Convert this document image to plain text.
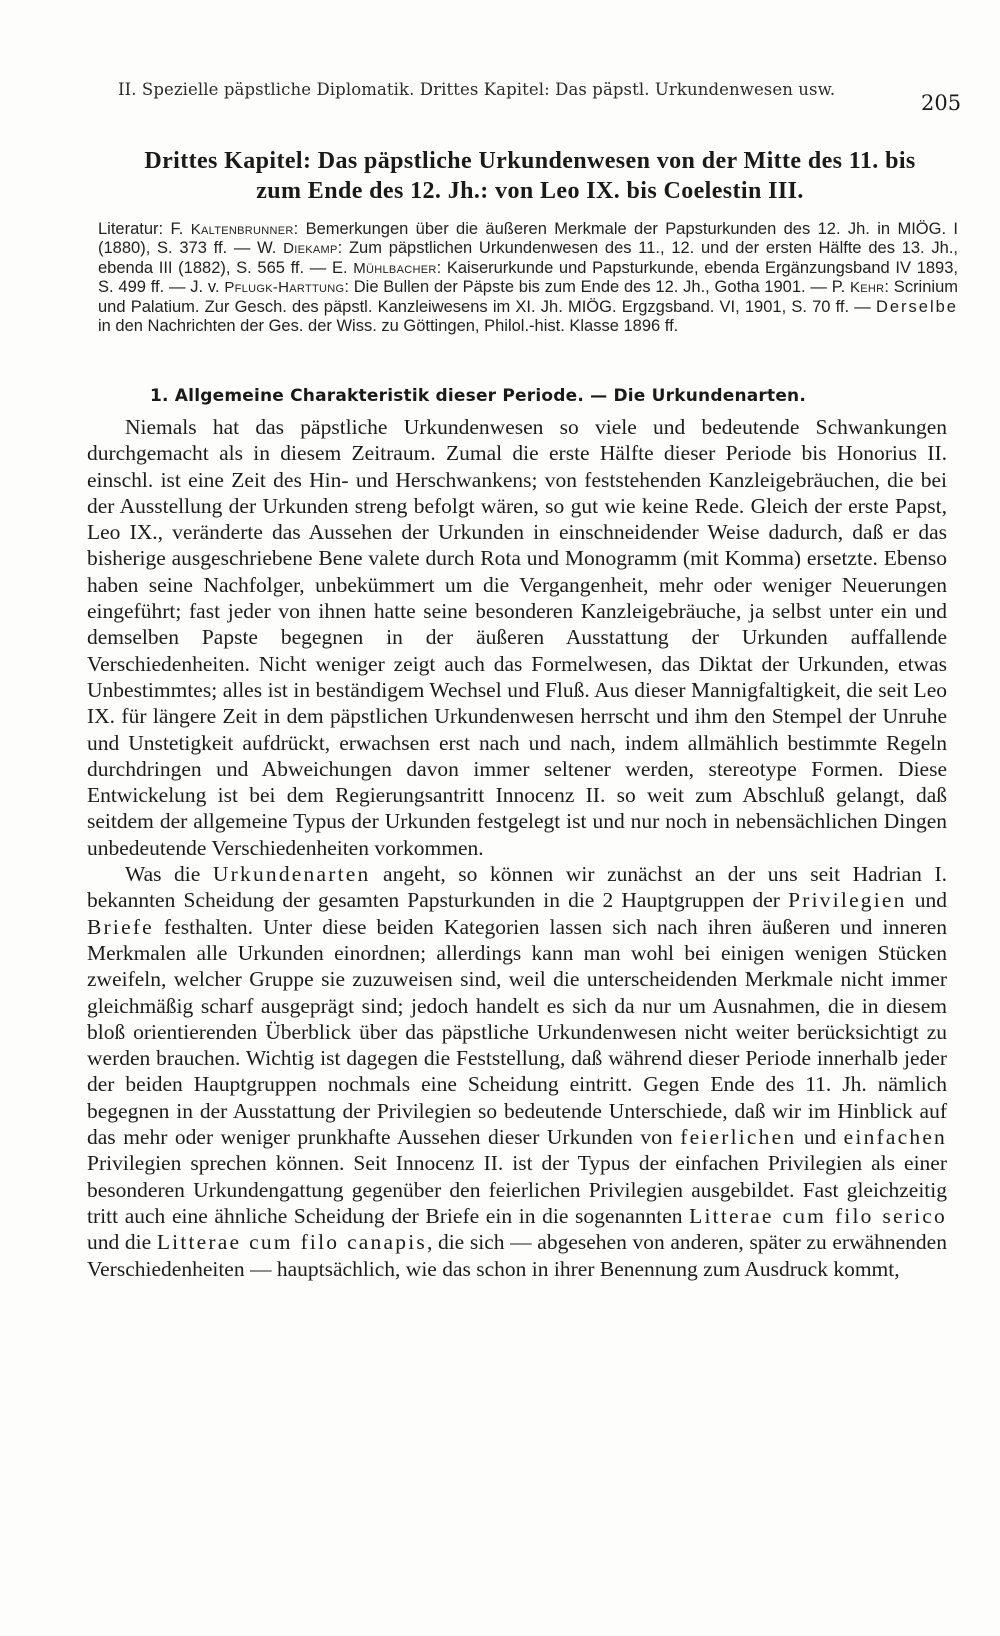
II. Spezielle päpstliche Diplomatik. Drittes Kapitel: Das päpstl. Urkundenwesen usw.
205
Drittes Kapitel: Das päpstliche Urkundenwesen von der Mitte des 11. bis
zum Ende des 12. Jh.: von Leo IX. bis Coelestin III.
Literatur: F. Kaltenbrunner: Bemerkungen über die äußeren Merkmale der Papsturkunden des 12. Jh. in MIÖG. I (1880), S. 373 ff. — W. Diekamp: Zum päpstlichen Urkundenwesen des 11., 12. und der ersten Hälfte des 13. Jh., ebenda III (1882), S. 565 ff. — E. Mühlbacher: Kaiserurkunde und Papsturkunde, ebenda Ergänzungsband IV 1893, S. 499 ff. — J. v. Pflugk-Harttung: Die Bullen der Päpste bis zum Ende des 12. Jh., Gotha 1901. — P. Kehr: Scrinium und Palatium. Zur Gesch. des päpstl. Kanzleiwesens im XI. Jh. MIÖG. Ergzgsband. VI, 1901, S. 70 ff. — Derselbe in den Nachrichten der Ges. der Wiss. zu Göttingen, Philol.-hist. Klasse 1896 ff.
1. Allgemeine Charakteristik dieser Periode. — Die Urkundenarten.

Niemals hat das päpstliche Urkundenwesen so viele und bedeutende Schwankungen durchgemacht als in diesem Zeitraum. Zumal die erste Hälfte dieser Periode bis Honorius II. einschl. ist eine Zeit des Hin- und Herschwankens; von feststehenden Kanzleigebräuchen, die bei der Ausstellung der Urkunden streng befolgt wären, so gut wie keine Rede. Gleich der erste Papst, Leo IX., veränderte das Aussehen der Urkunden in einschneidender Weise dadurch, daß er das bisherige ausgeschriebene Bene valete durch Rota und Monogramm (mit Komma) ersetzte. Ebenso haben seine Nachfolger, unbekümmert um die Vergangenheit, mehr oder weniger Neuerungen eingeführt; fast jeder von ihnen hatte seine besonderen Kanzleigebräuche, ja selbst unter ein und demselben Papste begegnen in der äußeren Ausstattung der Urkunden auffallende Verschiedenheiten. Nicht weniger zeigt auch das Formelwesen, das Diktat der Urkunden, etwas Unbestimmtes; alles ist in beständigem Wechsel und Fluß. Aus dieser Mannigfaltigkeit, die seit Leo IX. für längere Zeit in dem päpstlichen Urkundenwesen herrscht und ihm den Stempel der Unruhe und Unstetigkeit aufdrückt, erwachsen erst nach und nach, indem allmählich bestimmte Regeln durchdringen und Abweichungen davon immer seltener werden, stereotype Formen. Diese Entwickelung ist bei dem Regierungsantritt Innocenz II. so weit zum Abschluß gelangt, daß seitdem der allgemeine Typus der Urkunden festgelegt ist und nur noch in nebensächlichen Dingen unbedeutende Verschiedenheiten vorkommen.

Was die Urkundenarten angeht, so können wir zunächst an der uns seit Hadrian I. bekannten Scheidung der gesamten Papsturkunden in die 2 Hauptgruppen der Privilegien und Briefe festhalten. Unter diese beiden Kategorien lassen sich nach ihren äußeren und inneren Merkmalen alle Urkunden einordnen; allerdings kann man wohl bei einigen wenigen Stücken zweifeln, welcher Gruppe sie zuzuweisen sind, weil die unterscheidenden Merkmale nicht immer gleichmäßig scharf ausgeprägt sind; jedoch handelt es sich da nur um Ausnahmen, die in diesem bloß orientierenden Überblick über das päpstliche Urkundenwesen nicht weiter berücksichtigt zu werden brauchen. Wichtig ist dagegen die Feststellung, daß während dieser Periode innerhalb jeder der beiden Hauptgruppen nochmals eine Scheidung eintritt. Gegen Ende des 11. Jh. nämlich begegnen in der Ausstattung der Privilegien so bedeutende Unterschiede, daß wir im Hinblick auf das mehr oder weniger prunkhafte Aussehen dieser Urkunden von feierlichen und einfachen Privilegien sprechen können. Seit Innocenz II. ist der Typus der einfachen Privilegien als einer besonderen Urkundengattung gegenüber den feierlichen Privilegien ausgebildet. Fast gleichzeitig tritt auch eine ähnliche Scheidung der Briefe ein in die sogenannten Litterae cum filo serico und die Litterae cum filo canapis, die sich — abgesehen von anderen, später zu erwähnenden Verschiedenheiten — hauptsächlich, wie das schon in ihrer Benennung zum Ausdruck kommt,
